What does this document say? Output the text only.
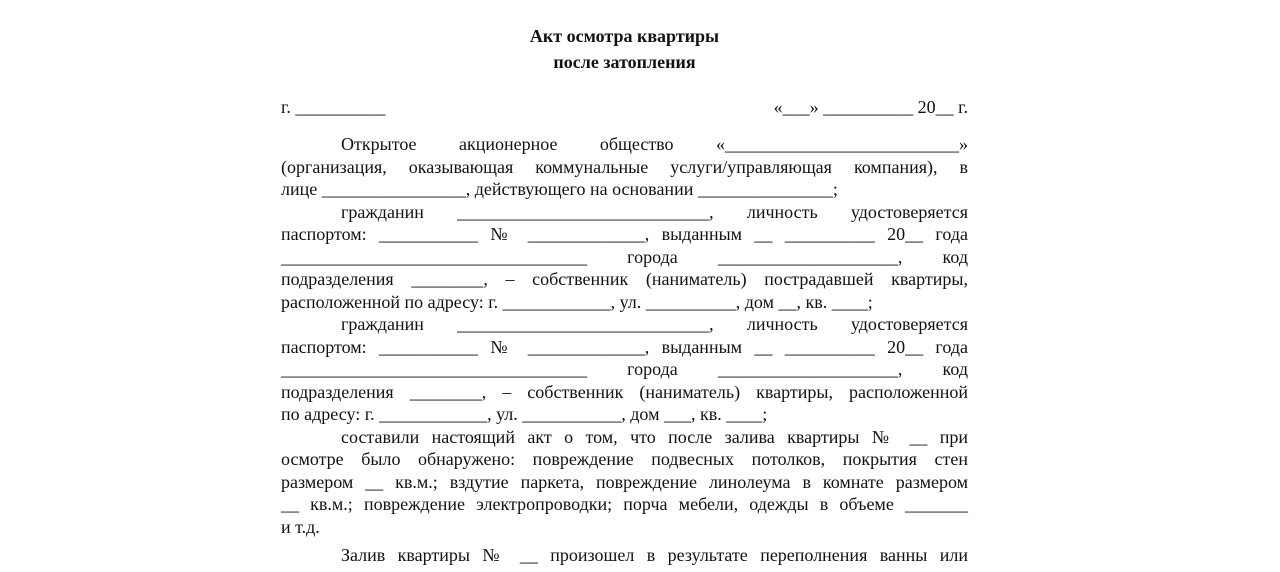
Акт осмотра квартиры
после затопления
г. __________	«___» __________ 20__ г.

Открытое акционерное общество «__________________________»

(организация, оказывающая коммунальные услуги/управляющая компания), в

лице ________________, действующего на основании _______________;

гражданин ____________________________, личность удостоверяется

паспортом: ___________ № _____________, выданным __ __________ 20__ года

__________________________________ города ____________________, код

подразделения ________, – собственник (наниматель) пострадавшей квартиры,

расположенной по адресу: г. ____________, ул. __________, дом __, кв. ____;

гражданин ____________________________, личность удостоверяется

паспортом: ___________ № _____________, выданным __ __________ 20__ года

__________________________________ города ____________________, код

подразделения ________, – собственник (наниматель) квартиры, расположенной

по адресу: г. ____________, ул. ___________, дом ___, кв. ____;

составили настоящий акт о том, что после залива квартиры № __ при

осмотре было обнаружено: повреждение подвесных потолков, покрытия стен

размером __ кв.м.; вздутие паркета, повреждение линолеума в комнате размером

__ кв.м.; повреждение электропроводки; порча мебели, одежды в объеме _______

и т.д.

Залив квартиры № __ произошел в результате переполнения ванны или
